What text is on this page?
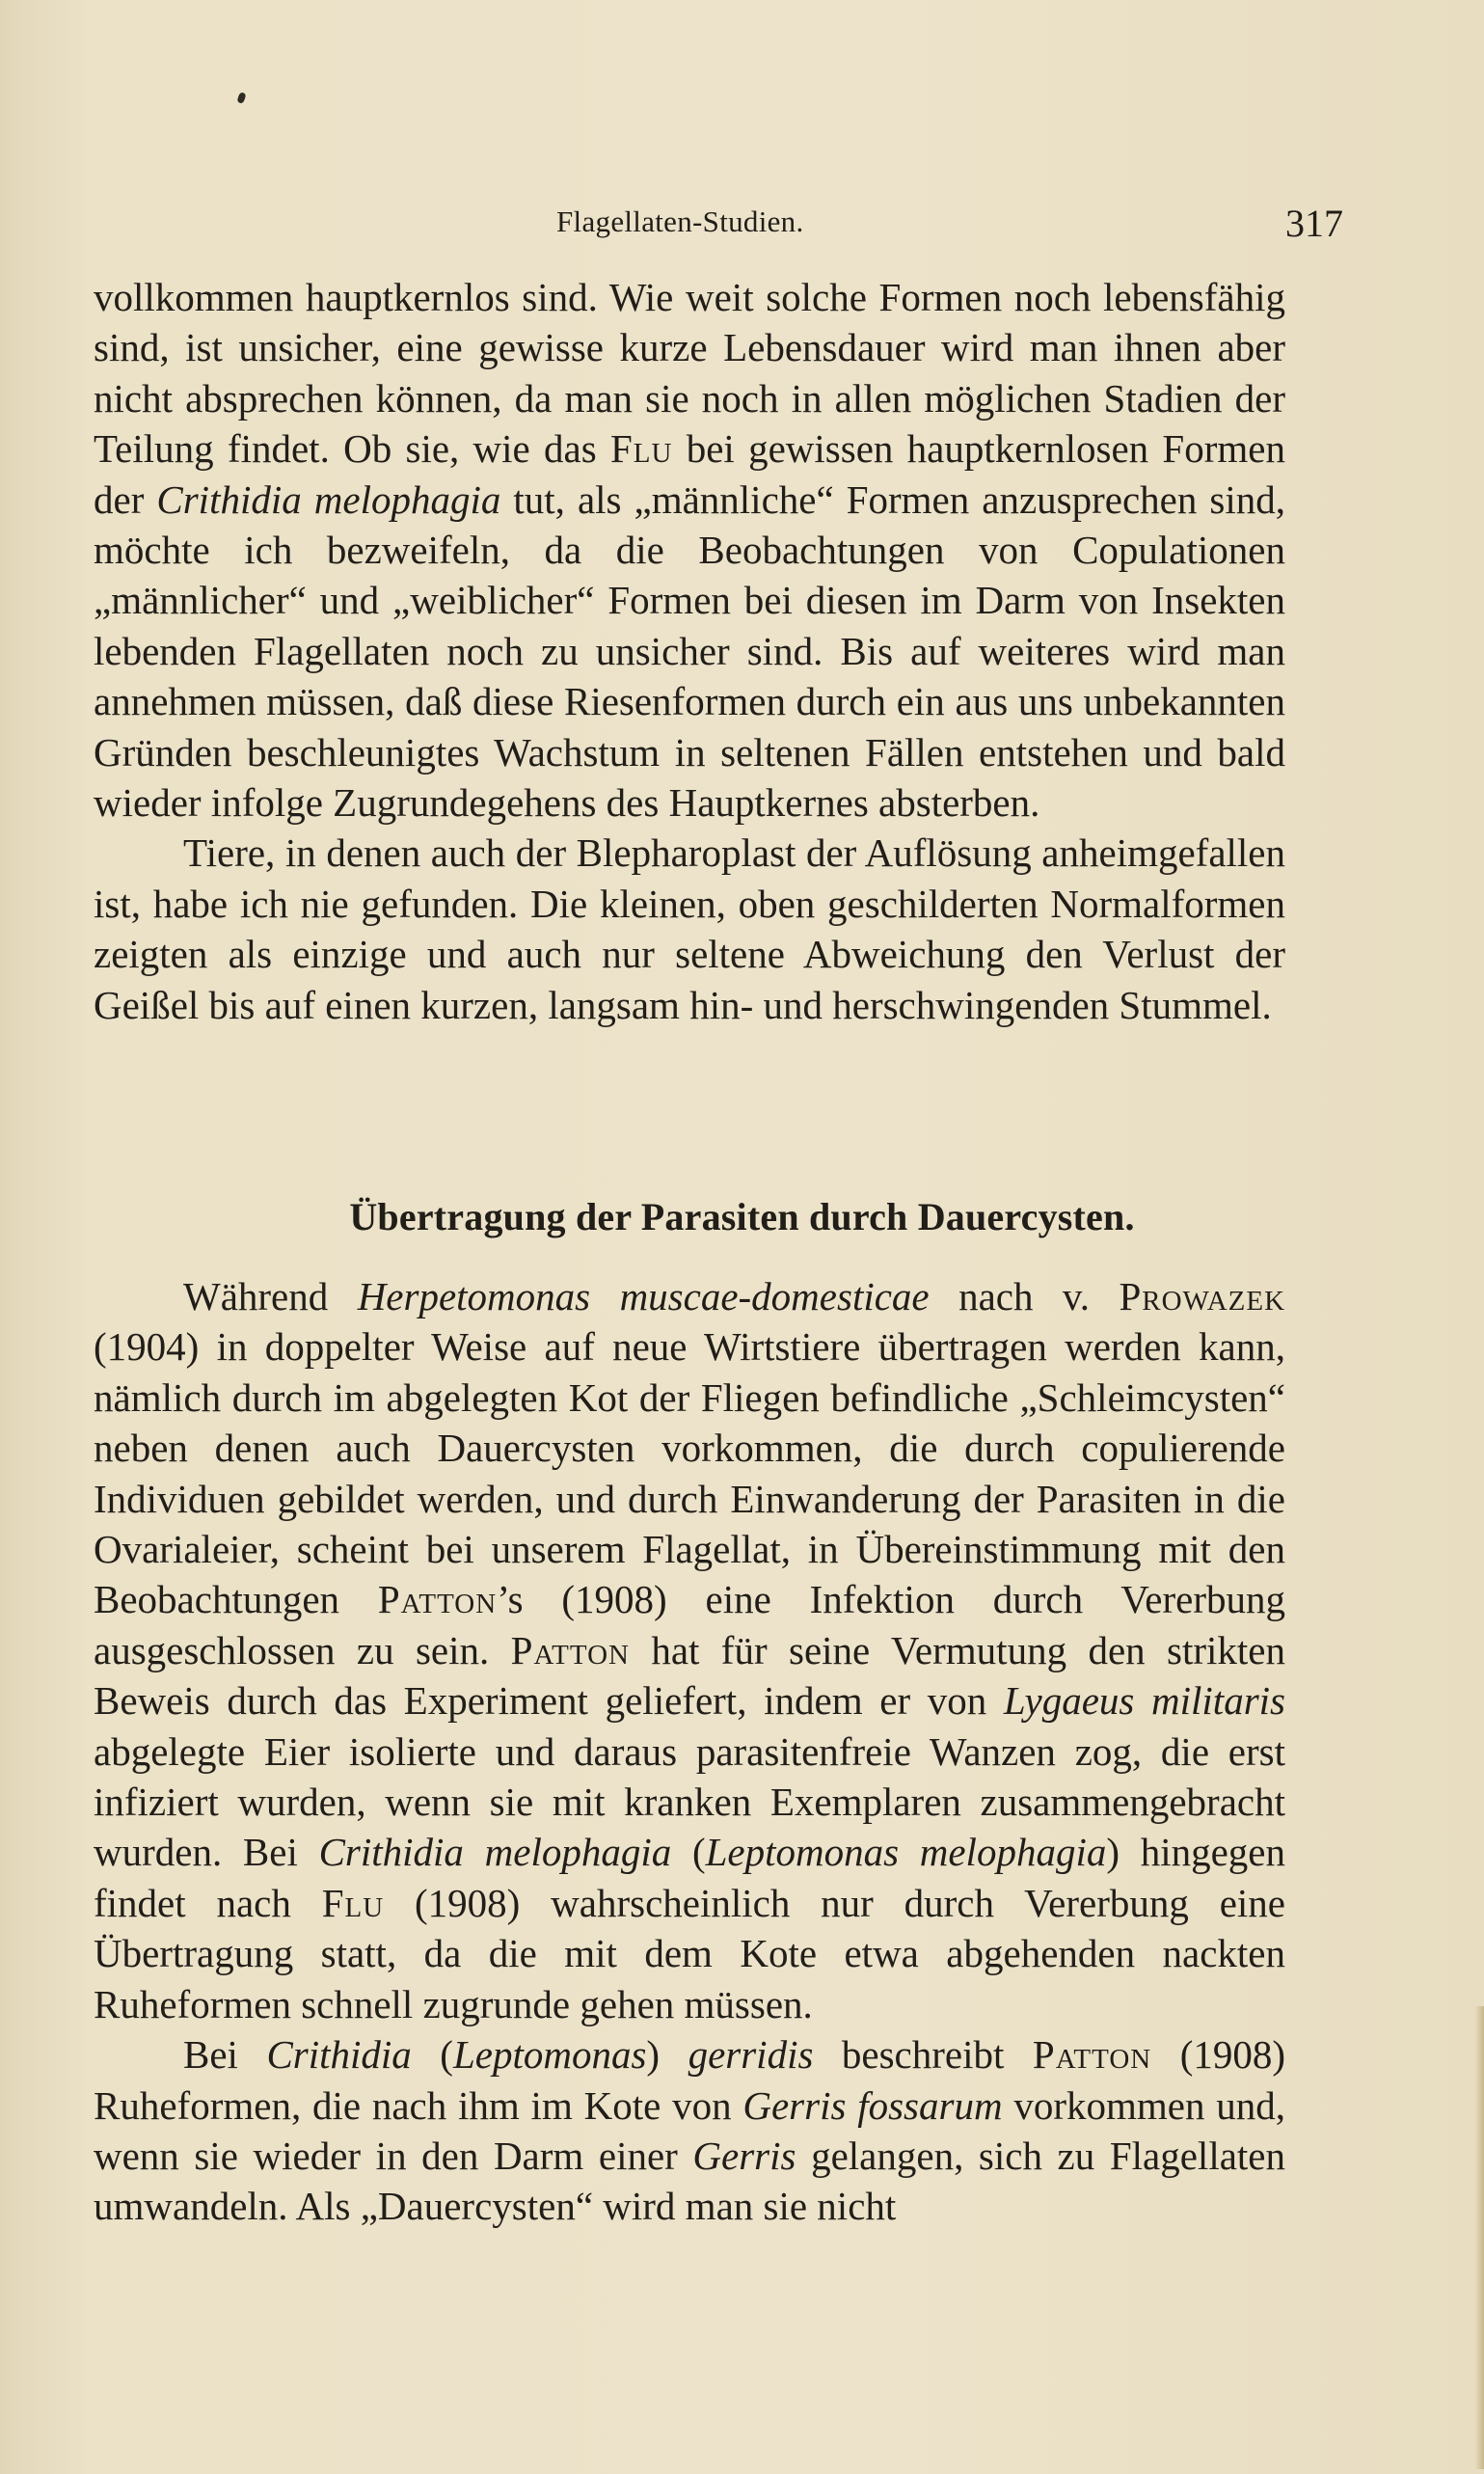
Flagellaten-Studien.	317

vollkommen hauptkernlos sind. Wie weit solche Formen noch lebensfähig sind, ist unsicher, eine gewisse kurze Lebensdauer wird man ihnen aber nicht absprechen können, da man sie noch in allen möglichen Stadien der Teilung findet. Ob sie, wie das Flu bei gewissen hauptkernlosen Formen der Crithidia melophagia tut, als „männliche“ Formen anzusprechen sind, möchte ich bezweifeln, da die Beobachtungen von Copulationen „männlicher“ und „weiblicher“ Formen bei diesen im Darm von Insekten lebenden Flagellaten noch zu unsicher sind. Bis auf weiteres wird man annehmen müssen, daß diese Riesenformen durch ein aus uns unbekannten Gründen beschleunigtes Wachstum in seltenen Fällen entstehen und bald wieder infolge Zugrundegehens des Hauptkernes absterben.

Tiere, in denen auch der Blepharoplast der Auflösung anheimgefallen ist, habe ich nie gefunden. Die kleinen, oben geschilderten Normalformen zeigten als einzige und auch nur seltene Abweichung den Verlust der Geißel bis auf einen kurzen, langsam hin- und herschwingenden Stummel.

Übertragung der Parasiten durch Dauercysten.

Während Herpetomonas muscae-domesticae nach v. Prowazek (1904) in doppelter Weise auf neue Wirtstiere übertragen werden kann, nämlich durch im abgelegten Kot der Fliegen befindliche „Schleimcysten“ neben denen auch Dauercysten vorkommen, die durch copulierende Individuen gebildet werden, und durch Einwanderung der Parasiten in die Ovarialeier, scheint bei unserem Flagellat, in Übereinstimmung mit den Beobachtungen Patton’s (1908) eine Infektion durch Vererbung ausgeschlossen zu sein. Patton hat für seine Vermutung den strikten Beweis durch das Experiment geliefert, indem er von Lygaeus militaris abgelegte Eier isolierte und daraus parasitenfreie Wanzen zog, die erst infiziert wurden, wenn sie mit kranken Exemplaren zusammengebracht wurden. Bei Crithidia melophagia (Leptomonas melophagia) hingegen findet nach Flu (1908) wahrscheinlich nur durch Vererbung eine Übertragung statt, da die mit dem Kote etwa abgehenden nackten Ruheformen schnell zugrunde gehen müssen.

Bei Crithidia (Leptomonas) gerridis beschreibt Patton (1908) Ruheformen, die nach ihm im Kote von Gerris fossarum vorkommen und, wenn sie wieder in den Darm einer Gerris gelangen, sich zu Flagellaten umwandeln. Als „Dauercysten“ wird man sie nicht
